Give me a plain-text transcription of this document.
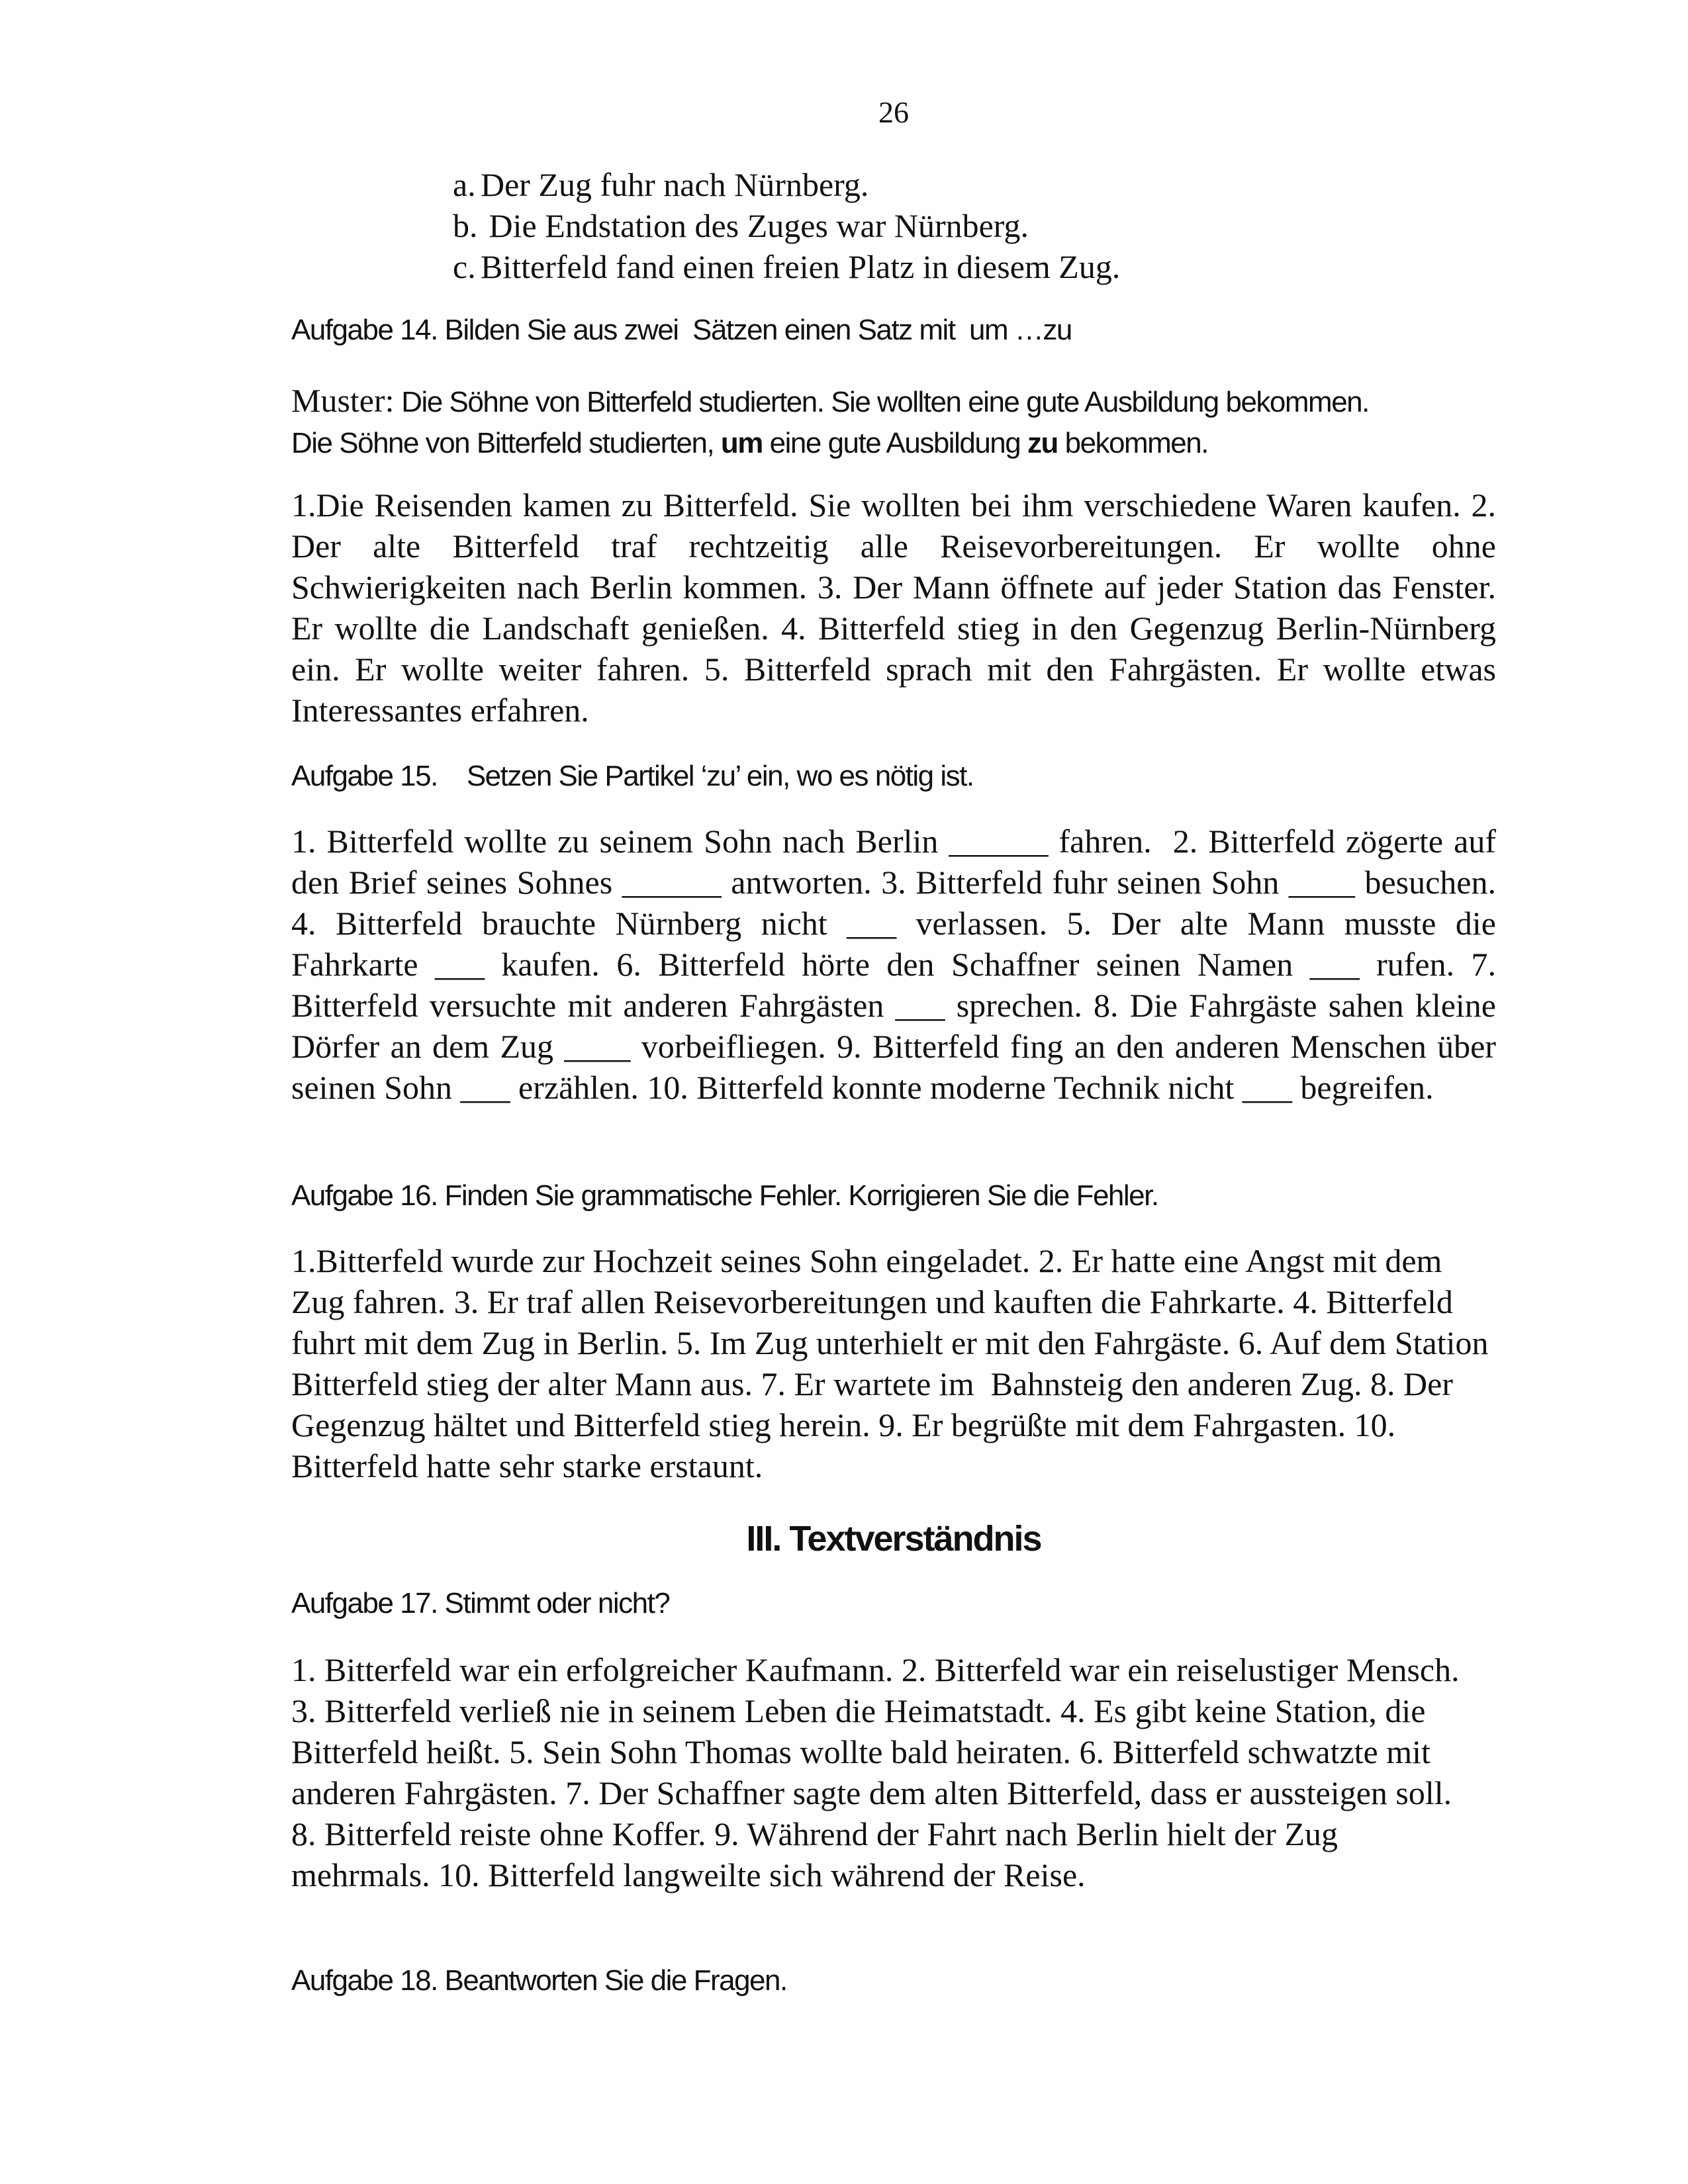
26
a. Der Zug fuhr nach Nürnberg.
b. Die Endstation des Zuges war Nürnberg.
c. Bitterfeld fand einen freien Platz in diesem Zug.

Aufgabe 14. Bilden Sie aus zwei  Sätzen einen Satz mit  um …zu

Muster: Die Söhne von Bitterfeld studierten. Sie wollten eine gute Ausbildung bekommen.
Die Söhne von Bitterfeld studierten, um eine gute Ausbildung zu bekommen.

1.Die Reisenden kamen zu Bitterfeld. Sie wollten bei ihm verschiedene Waren kaufen. 2. Der alte Bitterfeld traf rechtzeitig alle Reisevorbereitungen. Er wollte ohne Schwierigkeiten nach Berlin kommen. 3. Der Mann öffnete auf jeder Station das Fenster. Er wollte die Landschaft genießen. 4. Bitterfeld stieg in den Gegenzug Berlin-Nürnberg ein. Er wollte weiter fahren. 5. Bitterfeld sprach mit den Fahrgästen. Er wollte etwas Interessantes erfahren.

Aufgabe 15. Setzen Sie Partikel ‘zu’ ein, wo es nötig ist.

1. Bitterfeld wollte zu seinem Sohn nach Berlin ______ fahren.  2. Bitterfeld zögerte auf den Brief seines Sohnes ______ antworten. 3. Bitterfeld fuhr seinen Sohn ____ besuchen. 4. Bitterfeld brauchte Nürnberg nicht ___ verlassen. 5. Der alte Mann musste die Fahrkarte ___ kaufen. 6. Bitterfeld hörte den Schaffner seinen Namen ___ rufen. 7. Bitterfeld versuchte mit anderen Fahrgästen ___ sprechen. 8. Die Fahrgäste sahen kleine Dörfer an dem Zug ____ vorbeifliegen. 9. Bitterfeld fing an den anderen Menschen über seinen Sohn ___ erzählen. 10. Bitterfeld konnte moderne Technik nicht ___ begreifen.

Aufgabe 16. Finden Sie grammatische Fehler. Korrigieren Sie die Fehler.

1.Bitterfeld wurde zur Hochzeit seines Sohn eingeladet. 2. Er hatte eine Angst mit dem Zug fahren. 3. Er traf allen Reisevorbereitungen und kauften die Fahrkarte. 4. Bitterfeld fuhrt mit dem Zug in Berlin. 5. Im Zug unterhielt er mit den Fahrgäste. 6. Auf dem Station Bitterfeld stieg der alter Mann aus. 7. Er wartete im  Bahnsteig den anderen Zug. 8. Der Gegenzug hältet und Bitterfeld stieg herein. 9. Er begrüßte mit dem Fahrgasten. 10. Bitterfeld hatte sehr starke erstaunt.

III. Textverständnis

Aufgabe 17. Stimmt oder nicht?

1. Bitterfeld war ein erfolgreicher Kaufmann. 2. Bitterfeld war ein reiselustiger Mensch. 3. Bitterfeld verließ nie in seinem Leben die Heimatstadt. 4. Es gibt keine Station, die Bitterfeld heißt. 5. Sein Sohn Thomas wollte bald heiraten. 6. Bitterfeld schwatzte mit anderen Fahrgästen. 7. Der Schaffner sagte dem alten Bitterfeld, dass er aussteigen soll. 8. Bitterfeld reiste ohne Koffer. 9. Während der Fahrt nach Berlin hielt der Zug mehrmals. 10. Bitterfeld langweilte sich während der Reise.

Aufgabe 18. Beantworten Sie die Fragen.
